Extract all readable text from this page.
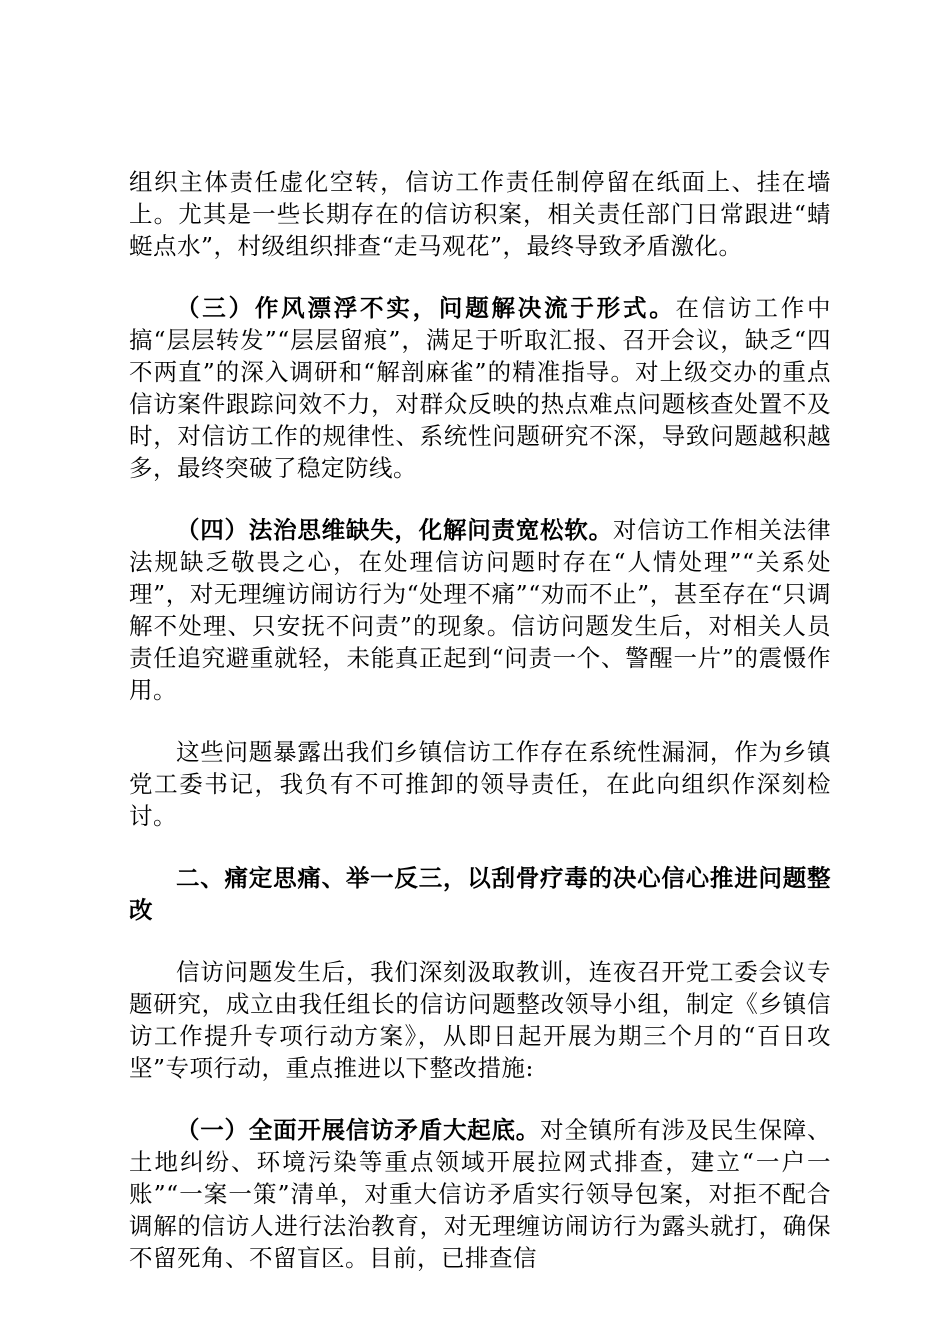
组织主体责任虚化空转，信访工作责任制停留在纸面上、挂在墙上。尤其是一些长期存在的信访积案，相关责任部门日常跟进“蜻蜓点水”，村级组织排查“走马观花”，最终导致矛盾激化。

（三）作风漂浮不实，问题解决流于形式。在信访工作中搞“层层转发”“层层留痕”，满足于听取汇报、召开会议，缺乏“四不两直”的深入调研和“解剖麻雀”的精准指导。对上级交办的重点信访案件跟踪问效不力，对群众反映的热点难点问题核查处置不及时，对信访工作的规律性、系统性问题研究不深，导致问题越积越多，最终突破了稳定防线。

（四）法治思维缺失，化解问责宽松软。对信访工作相关法律法规缺乏敬畏之心，在处理信访问题时存在“人情处理”“关系处理”，对无理缠访闹访行为“处理不痛”“劝而不止”，甚至存在“只调解不处理、只安抚不问责”的现象。信访问题发生后，对相关人员责任追究避重就轻，未能真正起到“问责一个、警醒一片”的震慑作用。

这些问题暴露出我们乡镇信访工作存在系统性漏洞，作为乡镇党工委书记，我负有不可推卸的领导责任，在此向组织作深刻检讨。

二、痛定思痛、举一反三，以刮骨疗毒的决心信心推进问题整改

信访问题发生后，我们深刻汲取教训，连夜召开党工委会议专题研究，成立由我任组长的信访问题整改领导小组，制定《乡镇信访工作提升专项行动方案》，从即日起开展为期三个月的“百日攻坚”专项行动，重点推进以下整改措施:

（一）全面开展信访矛盾大起底。对全镇所有涉及民生保障、土地纠纷、环境污染等重点领域开展拉网式排查，建立“一户一账”“一案一策”清单，对重大信访矛盾实行领导包案，对拒不配合调解的信访人进行法治教育，对无理缠访闹访行为露头就打，确保不留死角、不留盲区。目前，已排查信
